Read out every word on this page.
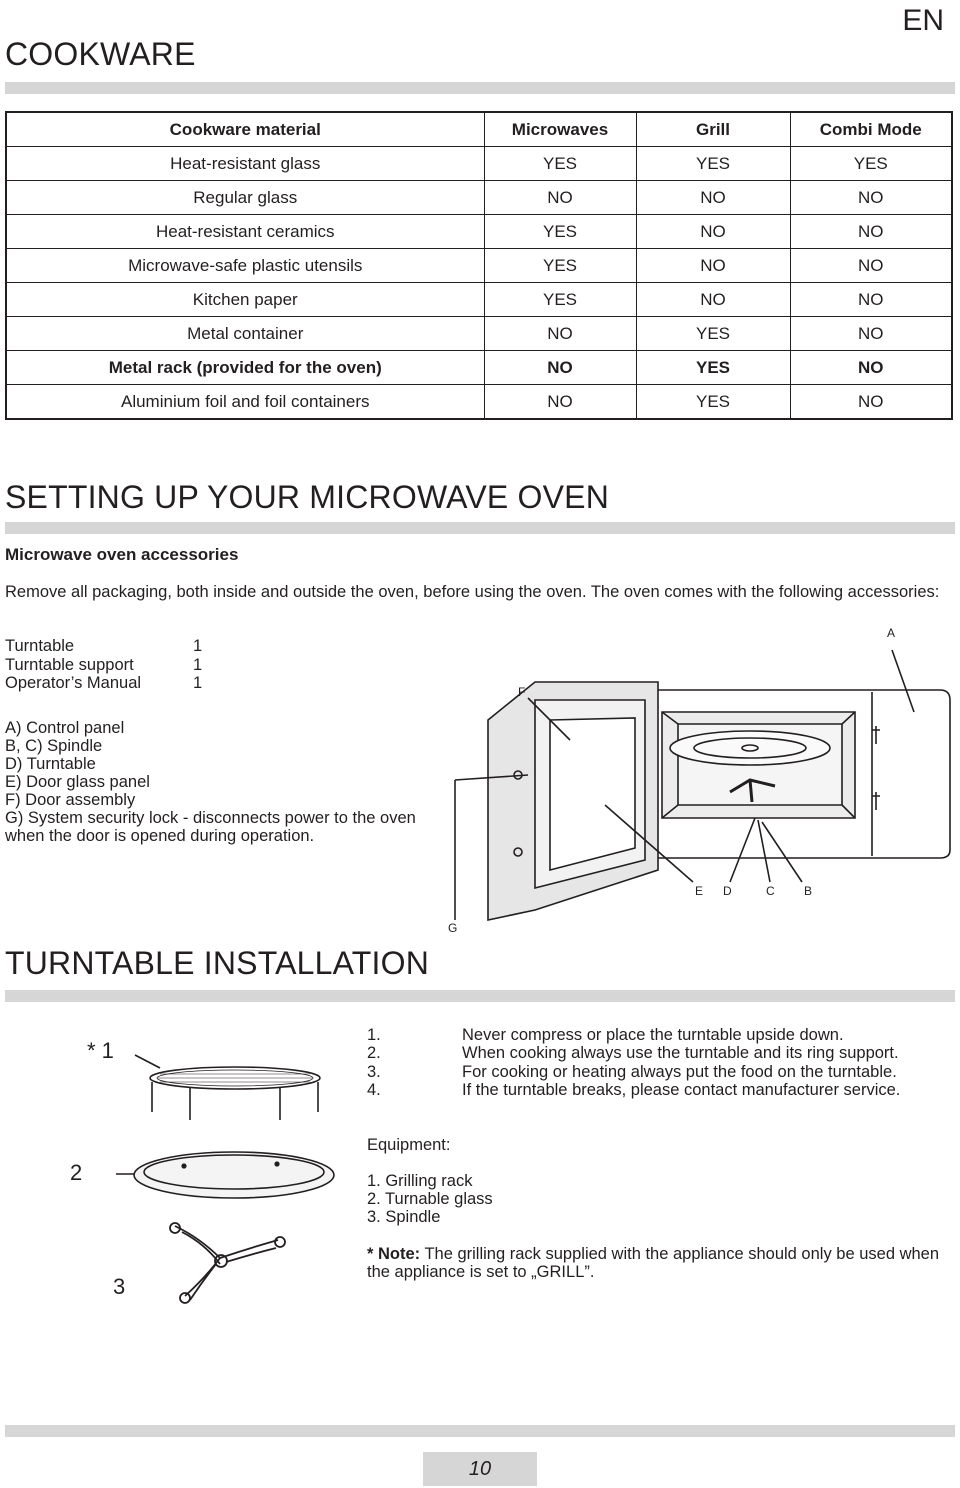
EN
COOKWARE
Cookware material	Microwaves	Grill	Combi Mode
Heat-resistant glass	YES	YES	YES
Regular glass	NO	NO	NO
Heat-resistant ceramics	YES	NO	NO
Microwave-safe plastic utensils	YES	NO	NO
Kitchen paper	YES	NO	NO
Metal container	NO	YES	NO
Metal rack (provided for the oven)	NO	YES	NO
Aluminium foil and foil containers	NO	YES	NO
SETTING UP YOUR MICROWAVE OVEN
Microwave oven accessories
Remove all packaging, both inside and outside the oven, before using the oven. The oven comes with the following accessories:
Turntable	1
Turntable support	1
Operator’s Manual	1
A) Control panel
B, C) Spindle
D) Turntable
E) Door glass panel
F) Door assembly
G) System security lock - disconnects power to the oven when the door is opened during operation.
A
F
E D	C B
G
TURNTABLE INSTALLATION
1.	Never compress or place the turntable upside down.
2.	When cooking always use the turntable and its ring support.
3.	For cooking or heating always put the food on the turntable.
4.	If the turntable breaks, please contact manufacturer service.
Equipment:
1. Grilling rack
2. Turnable glass
3. Spindle
* Note: The grilling rack supplied with the appliance should only be used when the appliance is set to „GRILL”.
* 1
2
3
10
